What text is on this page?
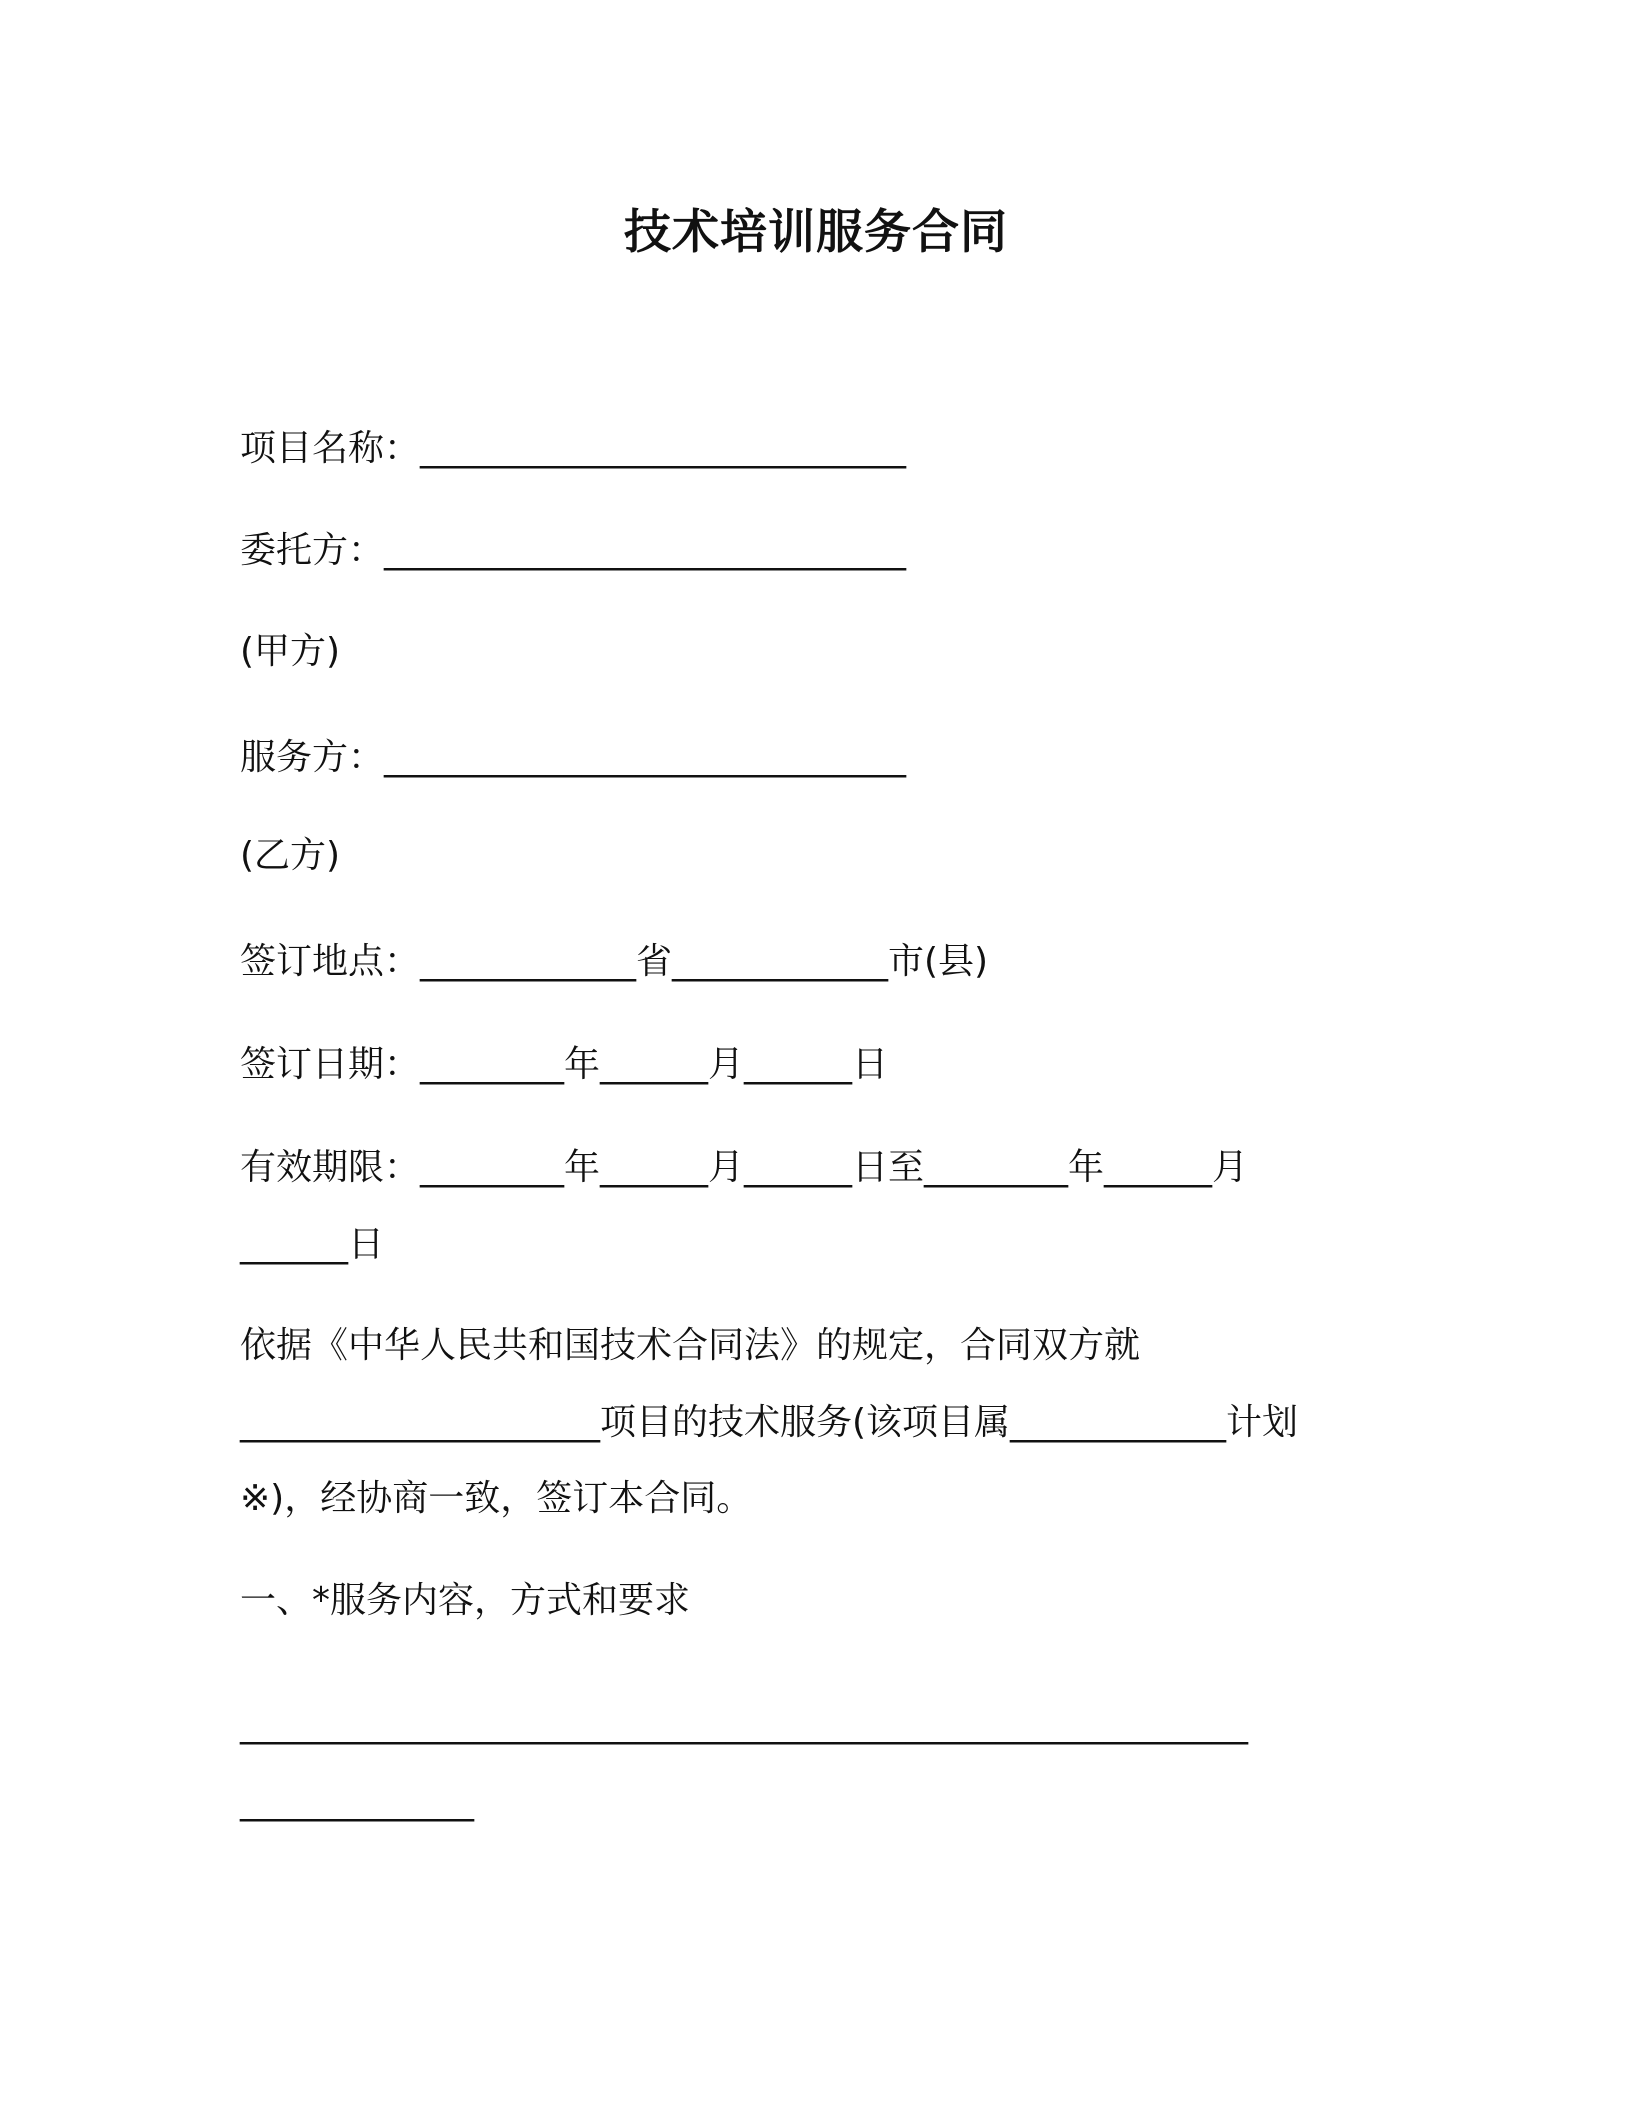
技术培训服务合同
项目名称：___________________________
委托方：_____________________________
(甲方)
服务方：_____________________________
(乙方)
签订地点：____________省____________市(县)
签订日期：________年______月______日
有效期限：________年______月______日至________年______月
______日
依据《中华人民共和国技术合同法》的规定，合同双方就
____________________项目的技术服务(该项目属____________计划
※)，经协商一致，签订本合同。
一、*服务内容，方式和要求
________________________________________________________
_____________
